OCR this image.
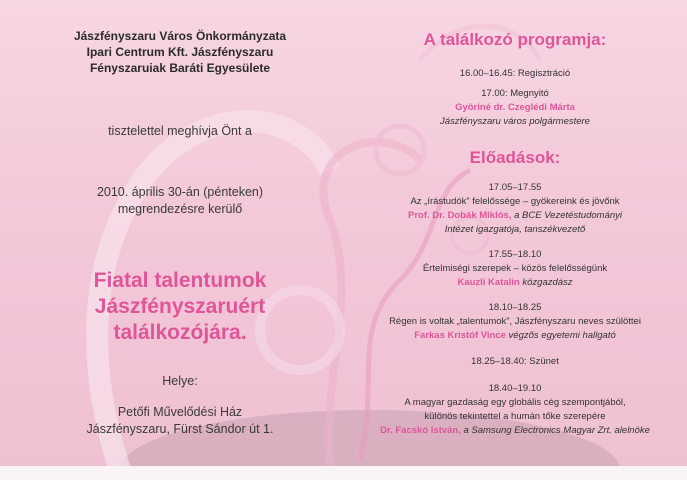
Jászfényszaru Város Önkormányzata
Ipari Centrum Kft. Jászfényszaru
Fényszaruiak Baráti Egyesülete
tisztelettel meghívja Önt a
2010. április 30-án (pénteken)
megrendezésre kerülő
Fiatal talentumok
Jászfényszaruért
találkozójára.
Helye:
Petőfi Művelődési Ház
Jászfényszaru, Fürst Sándor út 1.
A találkozó programja:
16.00–16.45: Regisztráció
17.00: Megnyitó
Györiné dr. Czeglédi Márta
Jászfényszaru város polgármestere
Előadások:
17.05–17.55
Az „írástudók” felelőssége – gyökereink és jövőnk
Prof. Dr. Dobák Miklós, a BCE Vezetéstudományi
Intézet igazgatója, tanszékvezető
17.55–18.10
Értelmiségi szerepek – közös felelősségünk
Kauzli Katalin közgazdász
18.10–18.25
Régen is voltak „talentumok”, Jászfényszaru neves szülöttei
Farkas Kristóf Vince végzős egyetemi hallgató
18.25–18.40: Szünet
18.40–19.10
A magyar gazdaság egy globális cég szempontjából,
különös tekintettel a humán tőke szerepére
Dr. Facskó István, a Samsung Electronics Magyar Zrt. alelnöke
